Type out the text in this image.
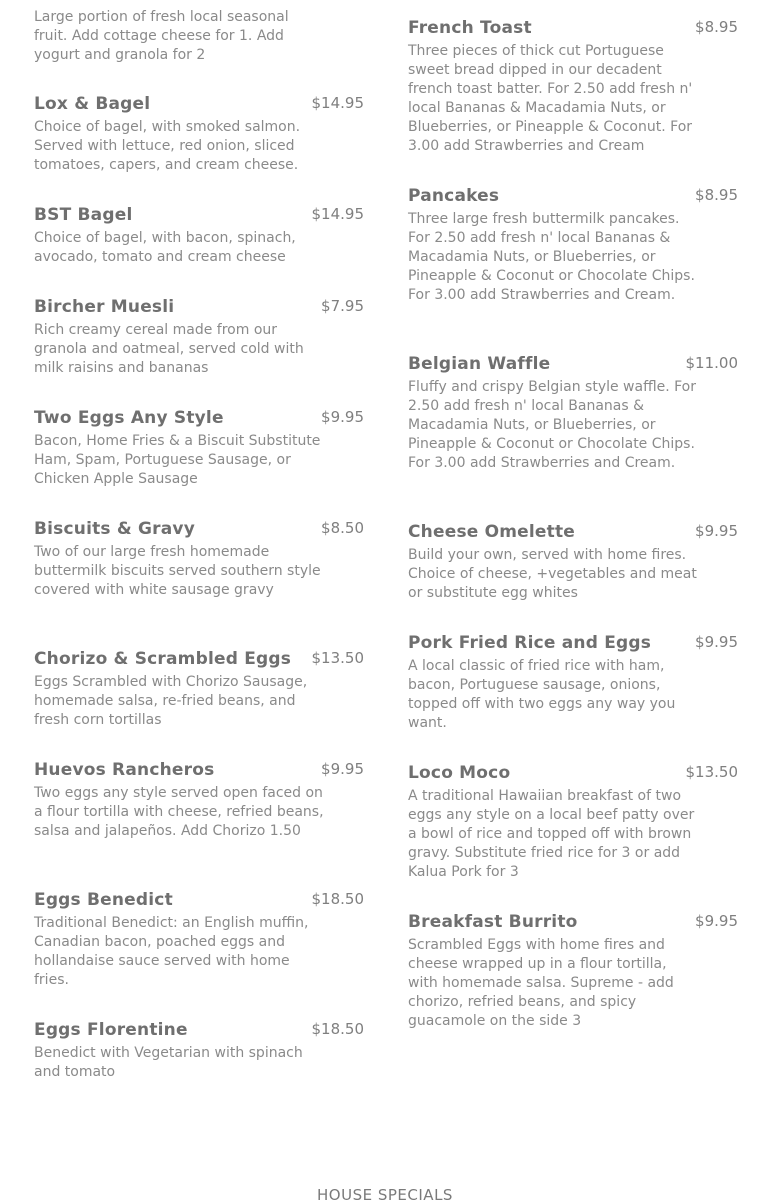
Large portion of fresh local seasonal fruit. Add cottage cheese for 1. Add yogurt and granola for 2
Lox & Bagel	$14.95
Choice of bagel, with smoked salmon. Served with lettuce, red onion, sliced tomatoes, capers, and cream cheese.
BST Bagel	$14.95
Choice of bagel, with bacon, spinach, avocado, tomato and cream cheese
Bircher Muesli	$7.95
Rich creamy cereal made from our granola and oatmeal, served cold with milk raisins and bananas
Two Eggs Any Style	$9.95
Bacon, Home Fries & a Biscuit Substitute Ham, Spam, Portuguese Sausage, or Chicken Apple Sausage
Biscuits & Gravy	$8.50
Two of our large fresh homemade buttermilk biscuits served southern style covered with white sausage gravy
Chorizo & Scrambled Eggs $13.50
Eggs Scrambled with Chorizo Sausage, homemade salsa, re-fried beans, and fresh corn tortillas
Huevos Rancheros	$9.95
Two eggs any style served open faced on a flour tortilla with cheese, refried beans, salsa and jalapeños. Add Chorizo 1.50
Eggs Benedict	$18.50
Traditional Benedict: an English muffin, Canadian bacon, poached eggs and hollandaise sauce served with home fries.
Eggs Florentine	$18.50
Benedict with Vegetarian with spinach and tomato
French Toast	$8.95
Three pieces of thick cut Portuguese sweet bread dipped in our decadent french toast batter. For 2.50 add fresh n' local Bananas & Macadamia Nuts, or Blueberries, or Pineapple & Coconut. For 3.00 add Strawberries and Cream
Pancakes	$8.95
Three large fresh buttermilk pancakes. For 2.50 add fresh n' local Bananas & Macadamia Nuts, or Blueberries, or Pineapple & Coconut or Chocolate Chips. For 3.00 add Strawberries and Cream.
Belgian Waffle	$11.00
Fluffy and crispy Belgian style waffle. For 2.50 add fresh n' local Bananas & Macadamia Nuts, or Blueberries, or Pineapple & Coconut or Chocolate Chips. For 3.00 add Strawberries and Cream.
Cheese Omelette	$9.95
Build your own, served with home fires. Choice of cheese, +vegetables and meat or substitute egg whites
Pork Fried Rice and Eggs	$9.95
A local classic of fried rice with ham, bacon, Portuguese sausage, onions, topped off with two eggs any way you want.
Loco Moco	$13.50
A traditional Hawaiian breakfast of two eggs any style on a local beef patty over a bowl of rice and topped off with brown gravy. Substitute fried rice for 3 or add Kalua Pork for 3
Breakfast Burrito	$9.95
Scrambled Eggs with home fires and cheese wrapped up in a flour tortilla, with homemade salsa. Supreme - add chorizo, refried beans, and spicy guacamole on the side 3
HOUSE SPECIALS
